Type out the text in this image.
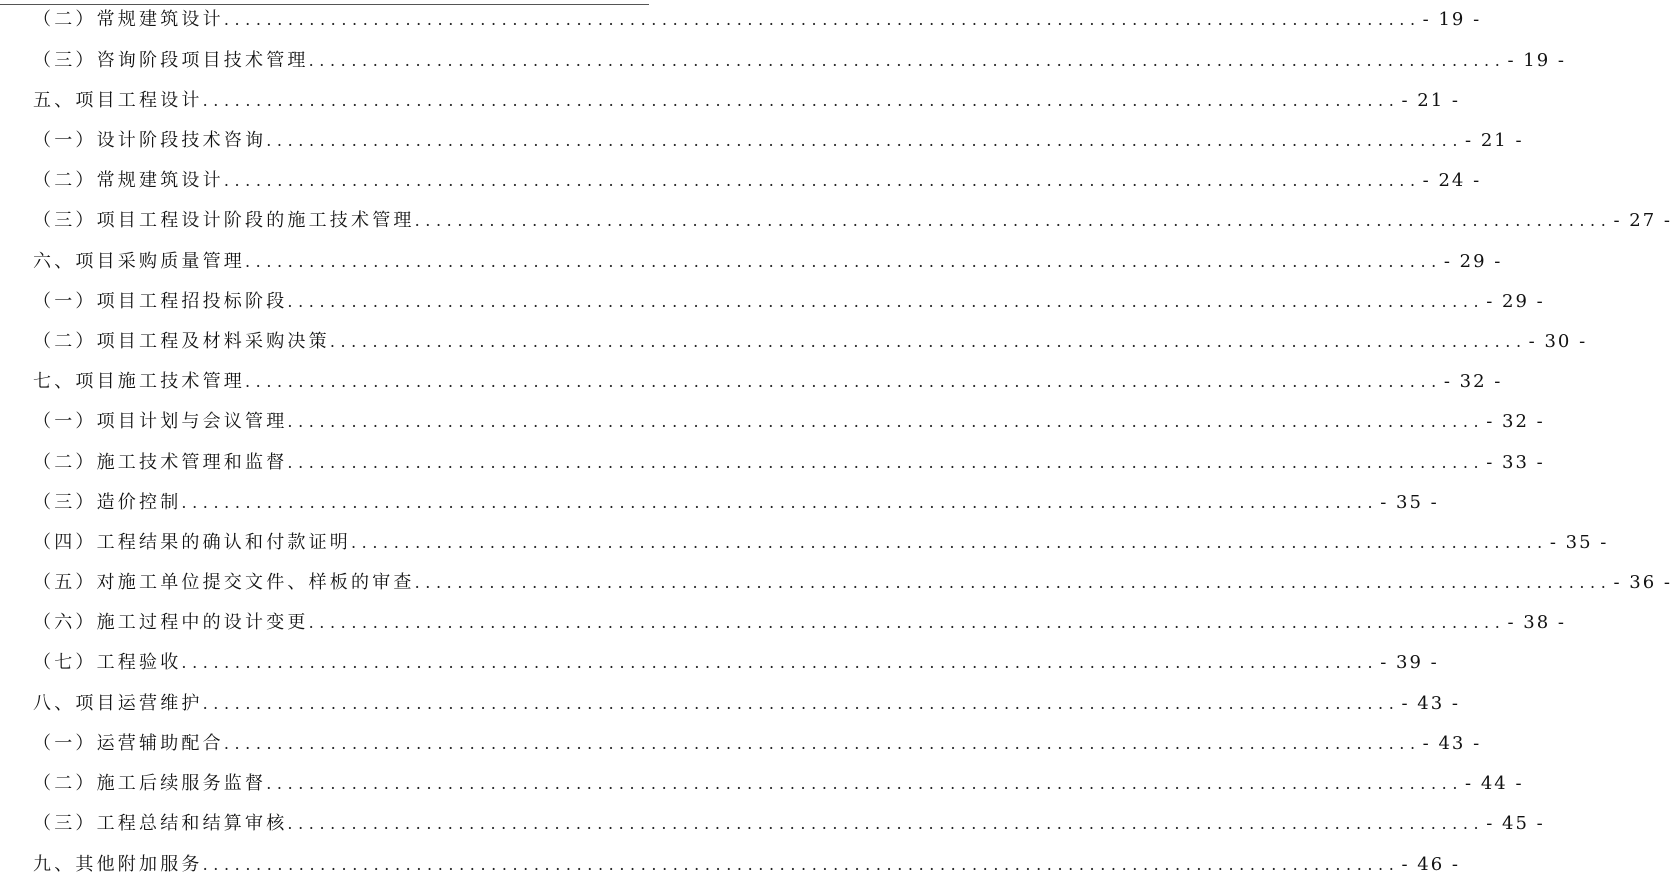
（二）常规建筑设计 ................................................................................................................ - 19 -
（三）咨询阶段项目技术管理 ................................................................................................................ - 19 -
五、项目工程设计 ................................................................................................................ - 21 -
（一）设计阶段技术咨询 ................................................................................................................ - 21 -
（二）常规建筑设计 ................................................................................................................ - 24 -
（三）项目工程设计阶段的施工技术管理 ................................................................................................................ - 27 -
六、项目采购质量管理 ................................................................................................................ - 29 -
（一）项目工程招投标阶段 ................................................................................................................ - 29 -
（二）项目工程及材料采购决策 ................................................................................................................ - 30 -
七、项目施工技术管理 ................................................................................................................ - 32 -
（一）项目计划与会议管理 ................................................................................................................ - 32 -
（二）施工技术管理和监督 ................................................................................................................ - 33 -
（三）造价控制 ................................................................................................................ - 35 -
（四）工程结果的确认和付款证明 ................................................................................................................ - 35 -
（五）对施工单位提交文件、样板的审查 ................................................................................................................ - 36 -
（六）施工过程中的设计变更 ................................................................................................................ - 38 -
（七）工程验收 ................................................................................................................ - 39 -
八、项目运营维护 ................................................................................................................ - 43 -
（一）运营辅助配合 ................................................................................................................ - 43 -
（二）施工后续服务监督 ................................................................................................................ - 44 -
（三）工程总结和结算审核 ................................................................................................................ - 45 -
九、其他附加服务 ................................................................................................................ - 46 -
